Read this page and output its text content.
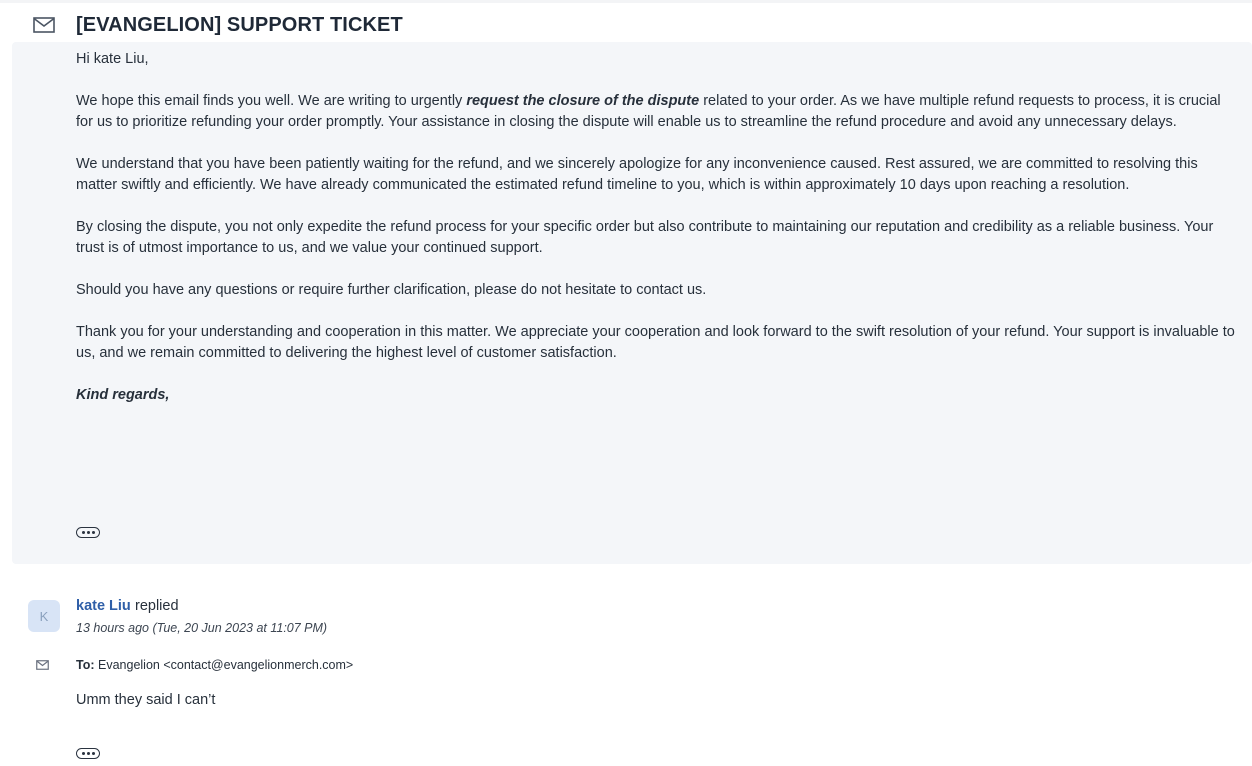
[EVANGELION] SUPPORT TICKET

Hi kate Liu,

We hope this email finds you well. We are writing to urgently request the closure of the dispute related to your order. As we have multiple refund requests to process, it is crucial for us to prioritize refunding your order promptly. Your assistance in closing the dispute will enable us to streamline the refund procedure and avoid any unnecessary delays.

We understand that you have been patiently waiting for the refund, and we sincerely apologize for any inconvenience caused. Rest assured, we are committed to resolving this matter swiftly and efficiently. We have already communicated the estimated refund timeline to you, which is within approximately 10 days upon reaching a resolution.

By closing the dispute, you not only expedite the refund process for your specific order but also contribute to maintaining our reputation and credibility as a reliable business. Your trust is of utmost importance to us, and we value your continued support.

Should you have any questions or require further clarification, please do not hesitate to contact us.

Thank you for your understanding and cooperation in this matter. We appreciate your cooperation and look forward to the swift resolution of your refund. Your support is invaluable to us, and we remain committed to delivering the highest level of customer satisfaction.

Kind regards,

K
kate Liu replied
13 hours ago (Tue, 20 Jun 2023 at 11:07 PM)
To: Evangelion <contact@evangelionmerch.com>
Umm they said I can’t
